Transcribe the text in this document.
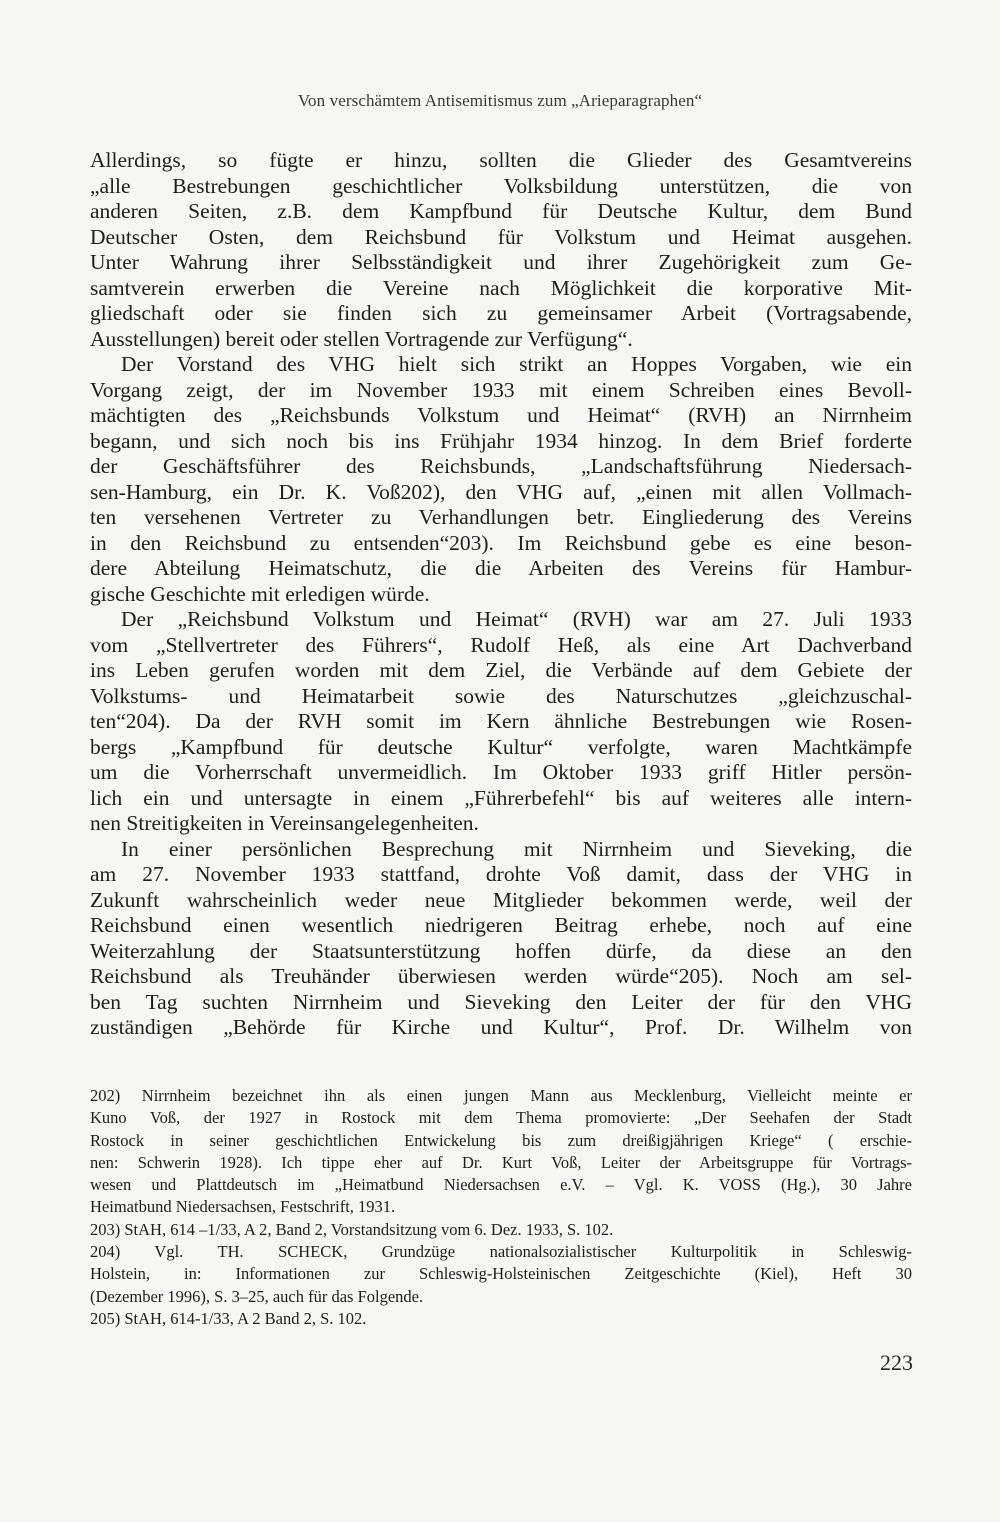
Von verschämtem Antisemitismus zum „Arieparagraphen“
Allerdings, so fügte er hinzu, sollten die Glieder des Gesamtvereins
„alle Bestrebungen geschichtlicher Volksbildung unterstützen, die von
anderen Seiten, z.B. dem Kampfbund für Deutsche Kultur, dem Bund
Deutscher Osten, dem Reichsbund für Volkstum und Heimat ausgehen.
Unter Wahrung ihrer Selbsständigkeit und ihrer Zugehörigkeit zum Ge-
samtverein erwerben die Vereine nach Möglichkeit die korporative Mit-
gliedschaft oder sie finden sich zu gemeinsamer Arbeit (Vortragsabende,
Ausstellungen) bereit oder stellen Vortragende zur Verfügung“.
Der Vorstand des VHG hielt sich strikt an Hoppes Vorgaben, wie ein
Vorgang zeigt, der im November 1933 mit einem Schreiben eines Bevoll-
mächtigten des „Reichsbunds Volkstum und Heimat“ (RVH) an Nirrnheim
begann, und sich noch bis ins Frühjahr 1934 hinzog. In dem Brief forderte
der Geschäftsführer des Reichsbunds, „Landschaftsführung Niedersach-
sen-Hamburg, ein Dr. K. Voß202), den VHG auf, „einen mit allen Vollmach-
ten versehenen Vertreter zu Verhandlungen betr. Eingliederung des Vereins
in den Reichsbund zu entsenden“203). Im Reichsbund gebe es eine beson-
dere Abteilung Heimatschutz, die die Arbeiten des Vereins für Hambur-
gische Geschichte mit erledigen würde.
Der „Reichsbund Volkstum und Heimat“ (RVH) war am 27. Juli 1933
vom „Stellvertreter des Führers“, Rudolf Heß, als eine Art Dachverband
ins Leben gerufen worden mit dem Ziel, die Verbände auf dem Gebiete der
Volkstums- und Heimatarbeit sowie des Naturschutzes „gleichzuschal-
ten“204). Da der RVH somit im Kern ähnliche Bestrebungen wie Rosen-
bergs „Kampfbund für deutsche Kultur“ verfolgte, waren Machtkämpfe
um die Vorherrschaft unvermeidlich. Im Oktober 1933 griff Hitler persön-
lich ein und untersagte in einem „Führerbefehl“ bis auf weiteres alle intern-
nen Streitigkeiten in Vereinsangelegenheiten.
In einer persönlichen Besprechung mit Nirrnheim und Sieveking, die
am 27. November 1933 stattfand, drohte Voß damit, dass der VHG in
Zukunft wahrscheinlich weder neue Mitglieder bekommen werde, weil der
Reichsbund einen wesentlich niedrigeren Beitrag erhebe, noch auf eine
Weiterzahlung der Staatsunterstützung hoffen dürfe, da diese an den
Reichsbund als Treuhänder überwiesen werden würde“205). Noch am sel-
ben Tag suchten Nirrnheim und Sieveking den Leiter der für den VHG
zuständigen „Behörde für Kirche und Kultur“, Prof. Dr. Wilhelm von
202) Nirrnheim bezeichnet ihn als einen jungen Mann aus Mecklenburg, Vielleicht meinte er
Kuno Voß, der 1927 in Rostock mit dem Thema promovierte: „Der Seehafen der Stadt
Rostock in seiner geschichtlichen Entwickelung bis zum dreißigjährigen Kriege“ ( erschie-
nen: Schwerin 1928). Ich tippe eher auf Dr. Kurt Voß, Leiter der Arbeitsgruppe für Vortrags-
wesen und Plattdeutsch im „Heimatbund Niedersachsen e.V. – Vgl. K. VOSS (Hg.), 30 Jahre
Heimatbund Niedersachsen, Festschrift, 1931.
203) StAH, 614 –1/33, A 2, Band 2, Vorstandsitzung vom 6. Dez. 1933, S. 102.
204) Vgl. TH. SCHECK, Grundzüge nationalsozialistischer Kulturpolitik in Schleswig-
Holstein, in: Informationen zur Schleswig-Holsteinischen Zeitgeschichte (Kiel), Heft 30
(Dezember 1996), S. 3–25, auch für das Folgende.
205) StAH, 614-1/33, A 2 Band 2, S. 102.
223
